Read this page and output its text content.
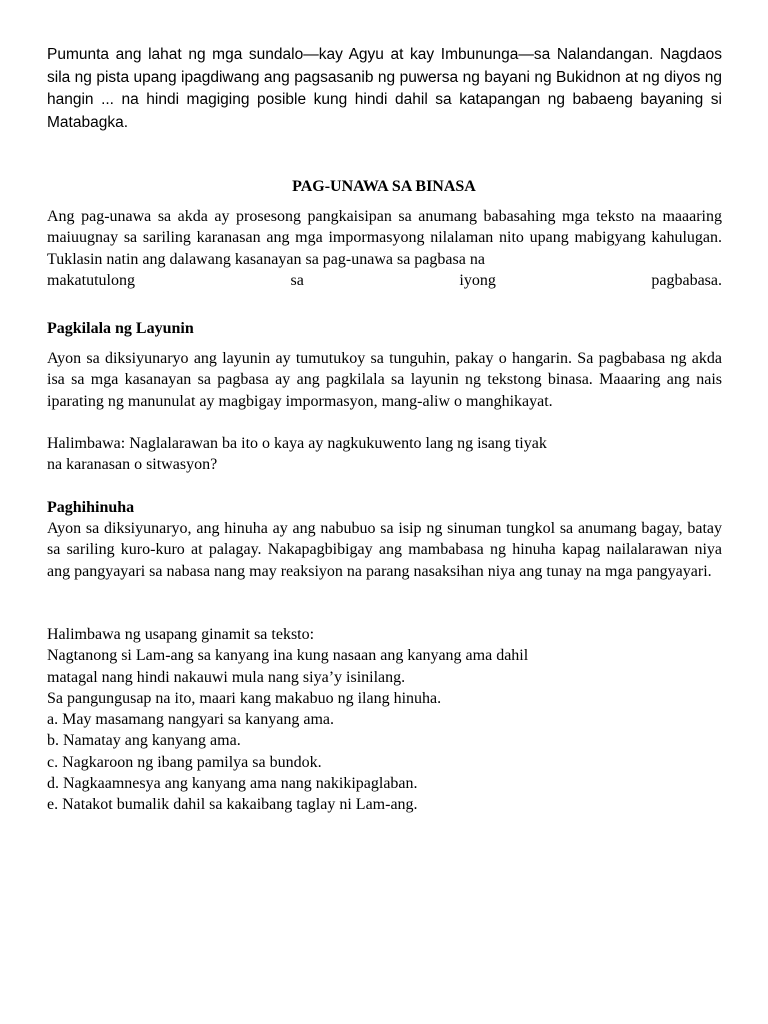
Pumunta ang lahat ng mga sundalo—kay Agyu at kay Imbununga—sa Nalandangan. Nagdaos sila ng pista upang ipagdiwang ang pagsasanib ng puwersa ng bayani ng Bukidnon at ng diyos ng hangin ... na hindi magiging posible kung hindi dahil sa katapangan ng babaeng bayaning si Matabagka.

PAG-UNAWA SA BINASA

Ang pag-unawa sa akda ay prosesong pangkaisipan sa anumang babasahing mga teksto na maaaring maiuugnay sa sariling karanasan ang mga impormasyong nilalaman nito upang mabigyang kahulugan. Tuklasin natin ang dalawang kasanayan sa pag-unawa sa pagbasa na

makatutulong sa iyong pagbabasa.

Pagkilala ng Layunin

Ayon sa diksiyunaryo ang layunin ay tumutukoy sa tunguhin, pakay o hangarin. Sa pagbabasa ng akda isa sa mga kasanayan sa pagbasa ay ang pagkilala sa layunin ng tekstong binasa. Maaaring ang nais iparating ng manunulat ay magbigay impormasyon, mang-aliw o manghikayat.

Halimbawa: Naglalarawan ba ito o kaya ay nagkukuwento lang ng isang tiyak
na karanasan o sitwasyon?

Paghihinuha

Ayon sa diksiyunaryo, ang hinuha ay ang nabubuo sa isip ng sinuman tungkol sa anumang bagay, batay sa sariling kuro-kuro at palagay. Nakapagbibigay ang mambabasa ng hinuha kapag nailalarawan niya ang pangyayari sa nabasa nang may reaksiyon na parang nasaksihan niya ang tunay na mga pangyayari.

Halimbawa ng usapang ginamit sa teksto:
Nagtanong si Lam-ang sa kanyang ina kung nasaan ang kanyang ama dahil
matagal nang hindi nakauwi mula nang siya’y isinilang.
Sa pangungusap na ito, maari kang makabuo ng ilang hinuha.
a. May masamang nangyari sa kanyang ama.
b. Namatay ang kanyang ama.
c. Nagkaroon ng ibang pamilya sa bundok.
d. Nagkaamnesya ang kanyang ama nang nakikipaglaban.
e. Natakot bumalik dahil sa kakaibang taglay ni Lam-ang.
